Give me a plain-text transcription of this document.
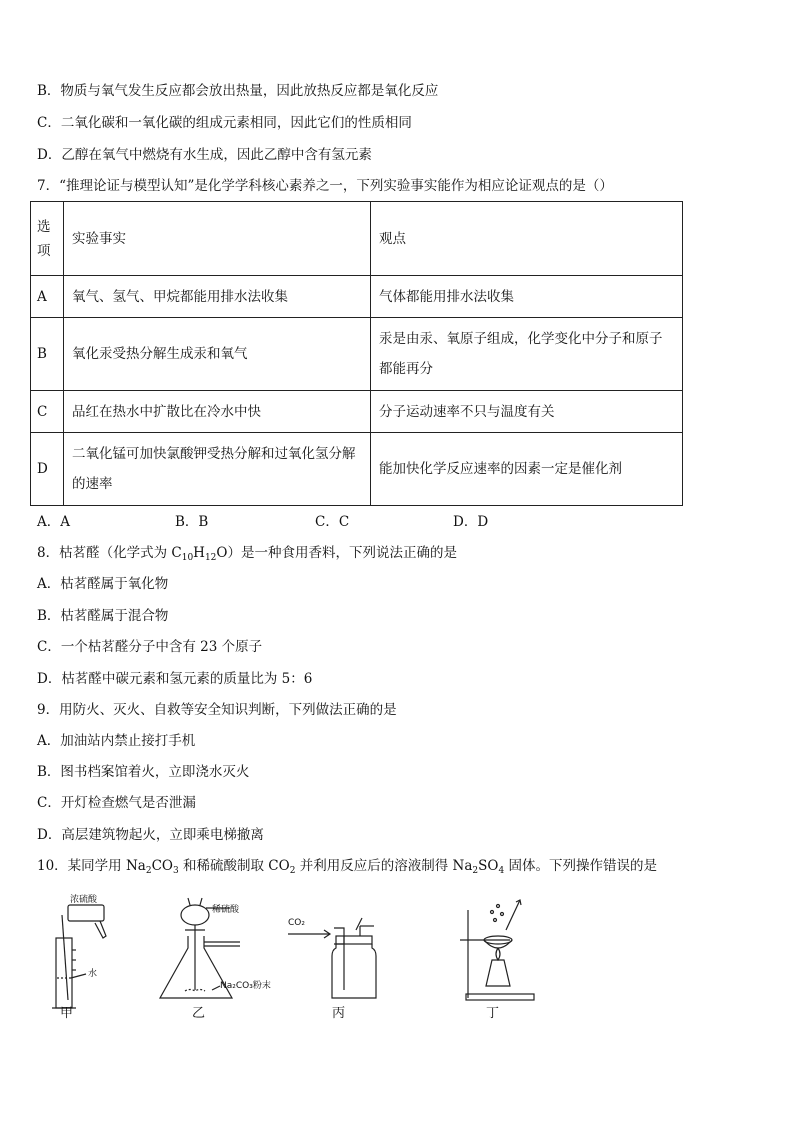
B．物质与氧气发生反应都会放出热量，因此放热反应都是氧化反应
C．二氧化碳和一氧化碳的组成元素相同，因此它们的性质相同
D．乙醇在氧气中燃烧有水生成，因此乙醇中含有氢元素
7．“推理论证与模型认知”是化学学科核心素养之一，下列实验事实能作为相应论证观点的是（）
选项	实验事实	观点
A	氧气、氢气、甲烷都能用排水法收集	气体都能用排水法收集
B	氧化汞受热分解生成汞和氧气	汞是由汞、氧原子组成，化学变化中分子和原子都能再分
C	品红在热水中扩散比在冷水中快	分子运动速率不只与温度有关
D	二氧化锰可加快氯酸钾受热分解和过氧化氢分解的速率	能加快化学反应速率的因素一定是催化剂
A．A	B．B	C．C	D．D
8．枯茗醛（化学式为 $C_{10}H_{12}O$）是一种食用香料，下列说法正确的是
A．枯茗醛属于氧化物
B．枯茗醛属于混合物
C．一个枯茗醛分子中含有 23 个原子
D．枯茗醛中碳元素和氢元素的质量比为 5：6
9．用防火、灭火、自救等安全知识判断，下列做法正确的是
A．加油站内禁止接打手机
B．图书档案馆着火，立即浇水灭火
C．开灯检查燃气是否泄漏
D．高层建筑物起火，立即乘电梯撤离
10．某同学用 $Na_2CO_3$ 和稀硫酸制取 $CO_2$ 并利用反应后的溶液制得 $Na_2SO_4$ 固体。下列操作错误的是
浓硫酸
水
稀硫酸
Na₂CO₃粉末
CO₂
甲	乙	丙	丁
